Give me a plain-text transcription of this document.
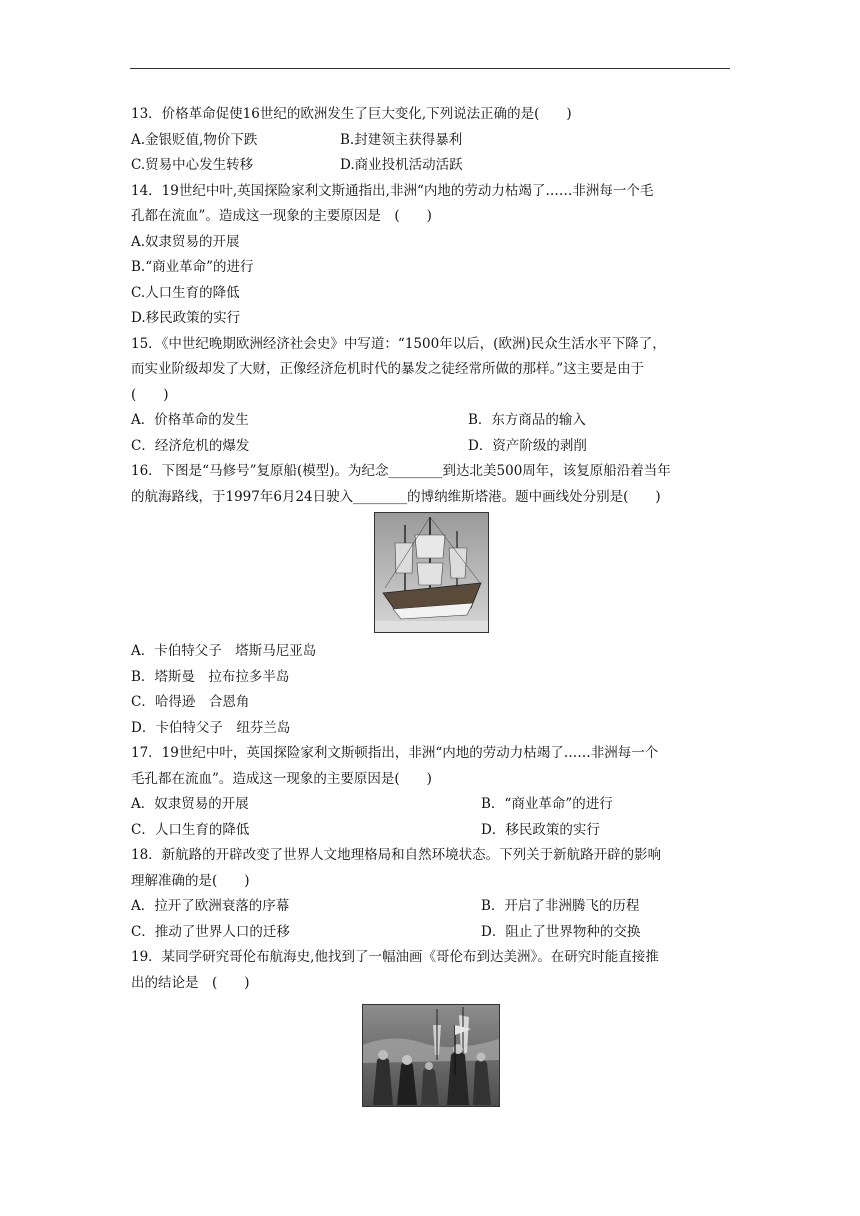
13．价格革命促使16世纪的欧洲发生了巨大变化,下列说法正确的是(　　)
A.金银贬值,物价下跌	B.封建领主获得暴利
C.贸易中心发生转移	D.商业投机活动活跃
14．19世纪中叶,英国探险家利文斯通指出,非洲“内地的劳动力枯竭了……非洲每一个毛
孔都在流血”。造成这一现象的主要原因是　(　　)
A.奴隶贸易的开展
B.“商业革命”的进行
C.人口生育的降低
D.移民政策的实行
15．《中世纪晚期欧洲经济社会史》中写道：“1500年以后，(欧洲)民众生活水平下降了，
而实业阶级却发了大财，正像经济危机时代的暴发之徒经常所做的那样。”这主要是由于
(　　)
A．价格革命的发生	B．东方商品的输入
C．经济危机的爆发	D．资产阶级的剥削
16．下图是“马修号”复原船(模型)。为纪念________到达北美500周年，该复原船沿着当年
的航海路线，于1997年6月24日驶入________的博纳维斯塔港。题中画线处分别是(　　)
A．卡伯特父子　塔斯马尼亚岛
B．塔斯曼　拉布拉多半岛
C．哈得逊　合恩角
D．卡伯特父子　纽芬兰岛
17．19世纪中叶，英国探险家利文斯顿指出，非洲“内地的劳动力枯竭了……非洲每一个
毛孔都在流血”。造成这一现象的主要原因是(　　)
A．奴隶贸易的开展	B．“商业革命”的进行
C．人口生育的降低	D．移民政策的实行
18．新航路的开辟改变了世界人文地理格局和自然环境状态。下列关于新航路开辟的影响
理解准确的是(　　)
A．拉开了欧洲衰落的序幕	B．开启了非洲腾飞的历程
C．推动了世界人口的迁移	D．阻止了世界物种的交换
19．某同学研究哥伦布航海史,他找到了一幅油画《哥伦布到达美洲》。在研究时能直接推
出的结论是　(　　)
